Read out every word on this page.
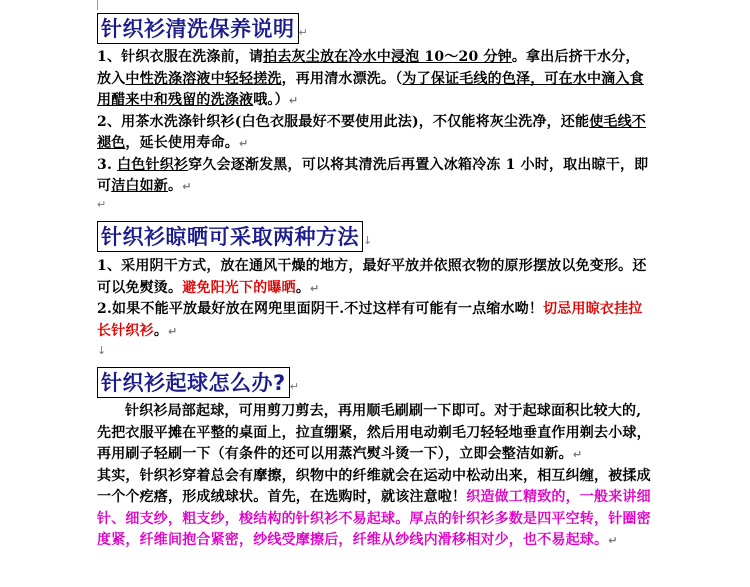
针织衫清洗保养说明 ↵

1、针织衣服在洗涤前，请拍去灰尘放在冷水中浸泡 10～20 分钟。拿出后挤干水分，放入中性洗涤溶液中轻轻搓洗，再用清水漂洗。（为了保证毛线的色泽，可在水中滴入食用醋来中和残留的洗涤液哦。）↵

2、用茶水洗涤针织衫(白色衣服最好不要使用此法)，不仅能将灰尘洗净，还能使毛线不褪色，延长使用寿命。↵

3. 白色针织衫穿久会逐渐发黑，可以将其清洗后再置入冰箱冷冻 1 小时，取出晾干，即可洁白如新。↵

↵
针织衫晾晒可采取两种方法 ↓

1、采用阴干方式，放在通风干燥的地方，最好平放并依照衣物的原形摆放以免变形。还可以免熨烫。避免阳光下的曝晒。↵

2.如果不能平放最好放在网兜里面阴干.不过这样有可能有一点缩水呦！切忌用晾衣挂拉长针织衫。↵

↓
针织衫起球怎么办? ↵

针织衫局部起球，可用剪刀剪去，再用顺毛刷刷一下即可。对于起球面积比较大的,先把衣服平摊在平整的桌面上，拉直绷紧，然后用电动剃毛刀轻轻地垂直作用剃去小球，再用刷子轻刷一下（有条件的还可以用蒸汽熨斗烫一下），立即会整洁如新。↵

其实，针织衫穿着总会有摩擦，织物中的纤维就会在运动中松动出来，相互纠缠，被揉成一个个疙瘩，形成绒球状。首先，在选购时，就该注意啦！织造做工精致的，一般来讲细针、细支纱，粗支纱，梭结构的针织衫不易起球。厚点的针织衫多数是四平空转，针圈密度紧，纤维间抱合紧密，纱线受摩擦后，纤维从纱线内滑移相对少，也不易起球。↵
